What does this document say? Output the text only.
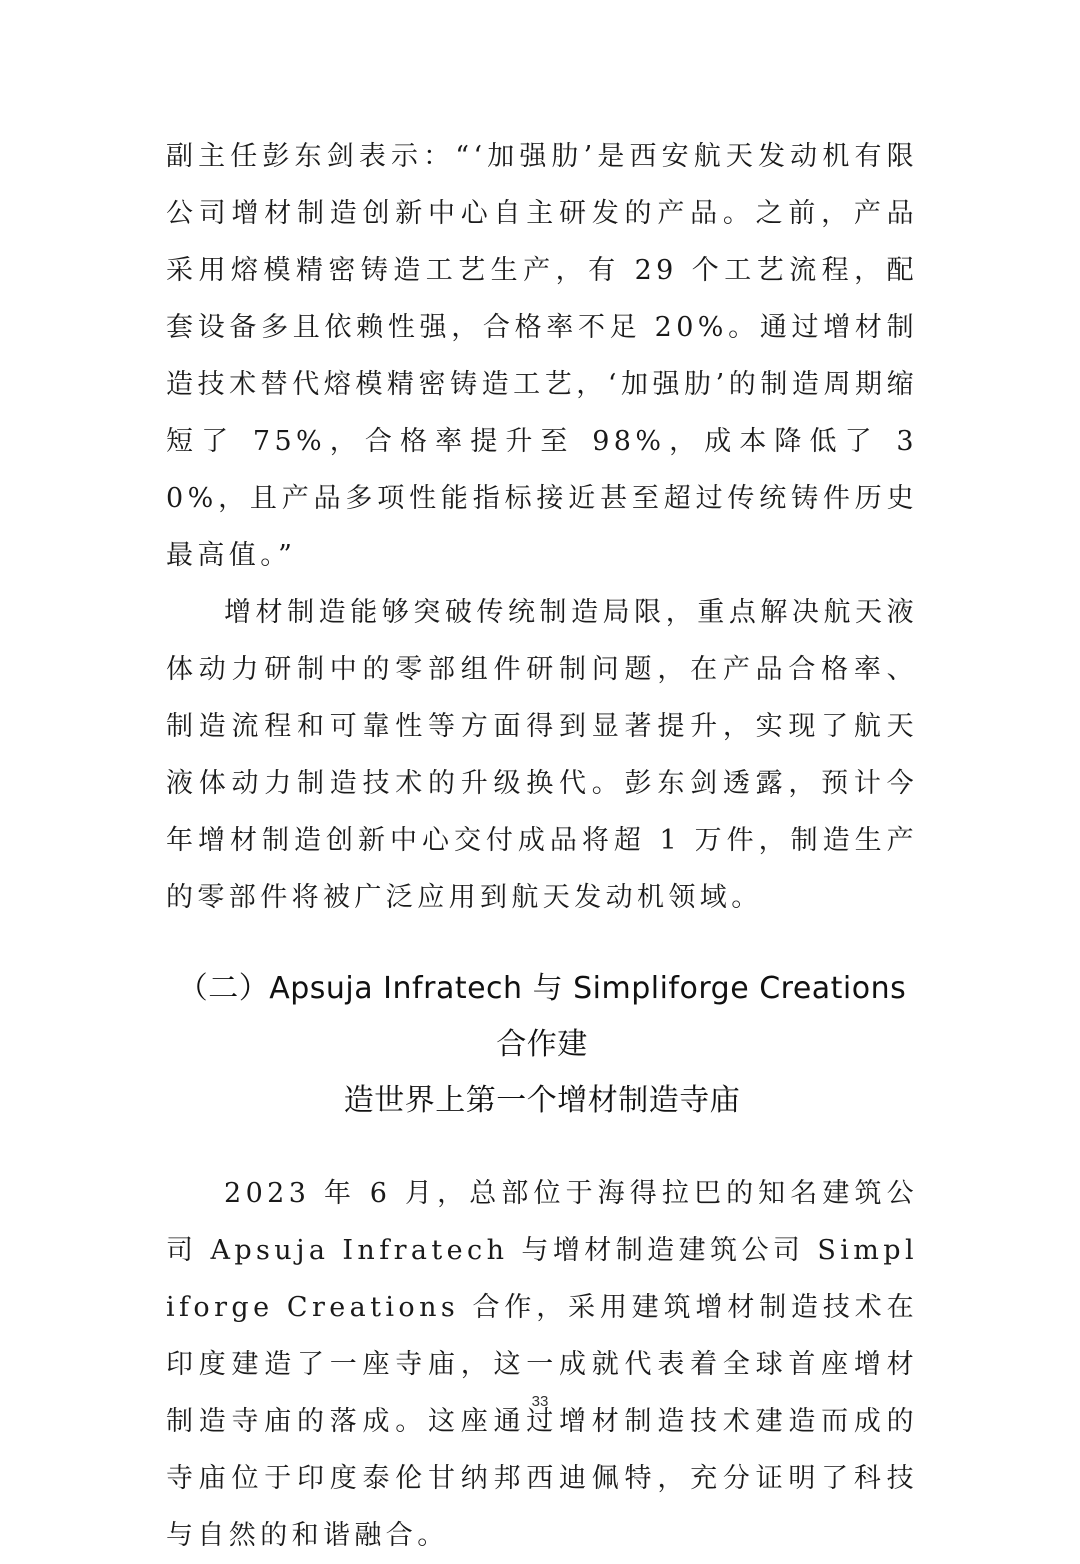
副主任彭东剑表示：“‘加强肋’是西安航天发动机有限公司增材制造创新中心自主研发的产品。之前，产品采用熔模精密铸造工艺生产，有 29 个工艺流程，配套设备多且依赖性强，合格率不足 20%。通过增材制造技术替代熔模精密铸造工艺，‘加强肋’的制造周期缩短了 75%，合格率提升至 98%，成本降低了 30%，且产品多项性能指标接近甚至超过传统铸件历史最高值。”

增材制造能够突破传统制造局限，重点解决航天液体动力研制中的零部组件研制问题，在产品合格率、制造流程和可靠性等方面得到显著提升，实现了航天液体动力制造技术的升级换代。彭东剑透露，预计今年增材制造创新中心交付成品将超 1 万件，制造生产的零部件将被广泛应用到航天发动机领域。

（二）Apsuja Infratech 与 Simpliforge Creations 合作建

造世界上第一个增材制造寺庙

2023 年 6 月，总部位于海得拉巴的知名建筑公司 Apsuja Infratech 与增材制造建筑公司 Simpliforge Creations 合作，采用建筑增材制造技术在印度建造了一座寺庙，这一成就代表着全球首座增材制造寺庙的落成。这座通过增材制造技术建造而成的寺庙位于印度泰伦甘纳邦西迪佩特，充分证明了科技与自然的和谐融合。

33
